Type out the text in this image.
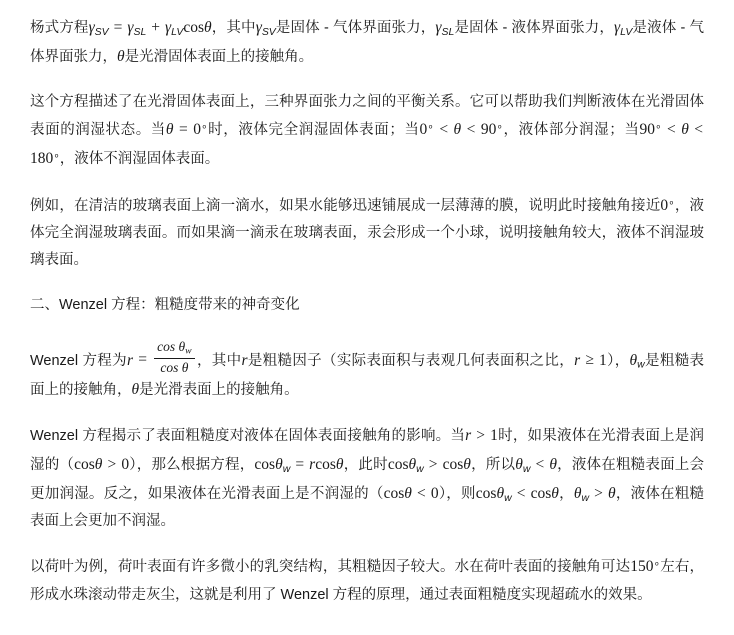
杨式方程$\gamma_{SV} = \gamma_{SL} + \gamma_{LV}\cos\theta$，其中$\gamma_{SV}$是固体 - 气体界面张力，$\gamma_{SL}$是固体 - 液体界面张力，$\gamma_{LV}$是液体 - 气体界面张力，θ是光滑固体表面上的接触角。

这个方程描述了在光滑固体表面上，三种界面张力之间的平衡关系。它可以帮助我们判断液体在光滑固体表面的润湿状态。当θ = 0∘时，液体完全润湿固体表面；当0∘ < θ < 90∘，液体部分润湿；当90∘ < θ < 180∘，液体不润湿固体表面。

例如，在清洁的玻璃表面上滴一滴水，如果水能够迅速铺展成一层薄薄的膜，说明此时接触角接近0∘，液体完全润湿玻璃表面。而如果滴一滴汞在玻璃表面，汞会形成一个小球，说明接触角较大，液体不润湿玻璃表面。

二、Wenzel 方程：粗糙度带来的神奇变化

Wenzel 方程为$r = \frac{\cos \theta_w}{\text{cos θ}}$ ，其中r是粗糙因子（实际表面积与表观几何表面积之比，r ≥ 1），$\theta_w$是粗糙表面上的接触角，θ是光滑表面上的接触角。

Wenzel 方程揭示了表面粗糙度对液体在固体表面接触角的影响。当r > 1时，如果液体在光滑表面上是润湿的（cosθ > 0），那么根据方程，cosθ$_w$ = rcosθ，此时cosθ$_w$ > cosθ，所以$\theta_w < \theta$，液体在粗糙表面上会更加润湿。反之，如果液体在光滑表面上是不润湿的（cosθ < 0），则cosθ$_w$ < cosθ，$\theta_w > \theta$，液体在粗糙表面上会更加不润湿。

以荷叶为例，荷叶表面有许多微小的乳突结构，其粗糙因子较大。水在荷叶表面的接触角可达150∘左右，形成水珠滚动带走灰尘，这就是利用了 Wenzel 方程的原理，通过表面粗糙度实现超疏水的效果。
